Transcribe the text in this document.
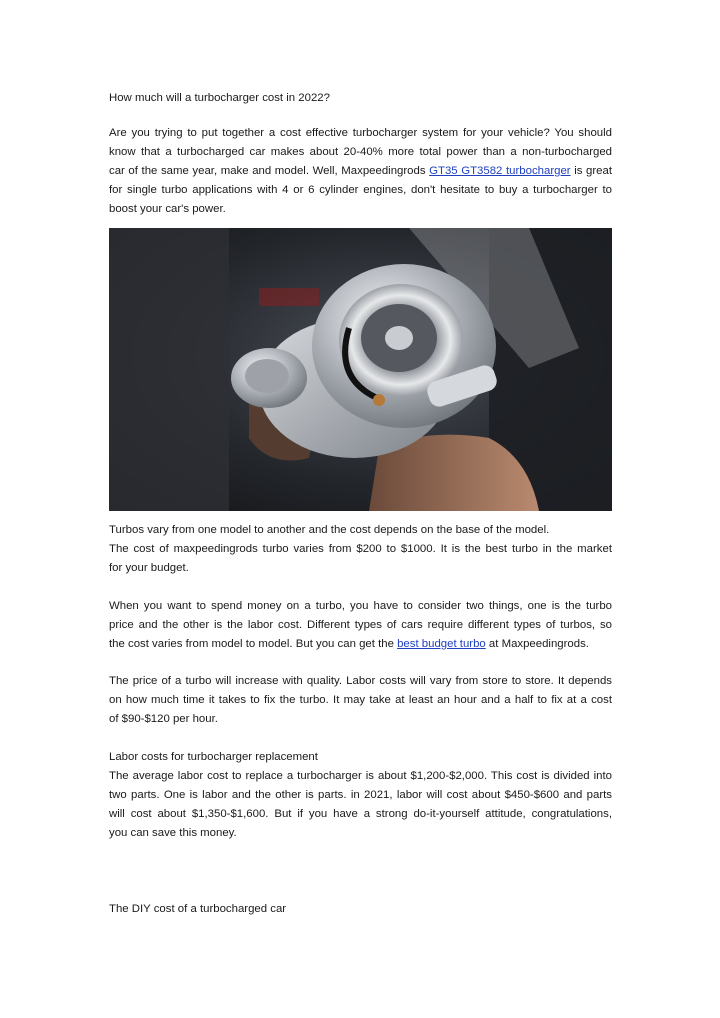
How much will a turbocharger cost in 2022?
Are you trying to put together a cost effective turbocharger system for your vehicle? You should
know that a turbocharged car makes about 20-40% more total power than a non-turbocharged
car of the same year, make and model. Well, Maxpeedingrods GT35 GT3582 turbocharger is great
for single turbo applications with 4 or 6 cylinder engines, don't hesitate to buy a turbocharger to
boost your car's power.
Turbos vary from one model to another and the cost depends on the base of the model.
The cost of maxpeedingrods turbo varies from $200 to $1000. It is the best turbo in the market
for your budget.
When you want to spend money on a turbo, you have to consider two things, one is the turbo
price and the other is the labor cost. Different types of cars require different types of turbos, so
the cost varies from model to model. But you can get the best budget turbo at Maxpeedingrods.
The price of a turbo will increase with quality. Labor costs will vary from store to store. It depends
on how much time it takes to fix the turbo. It may take at least an hour and a half to fix at a cost
of $90-$120 per hour.
Labor costs for turbocharger replacement
The average labor cost to replace a turbocharger is about $1,200-$2,000. This cost is divided into
two parts. One is labor and the other is parts. in 2021, labor will cost about $450-$600 and parts
will cost about $1,350-$1,600. But if you have a strong do-it-yourself attitude, congratulations,
you can save this money.
The DIY cost of a turbocharged car
